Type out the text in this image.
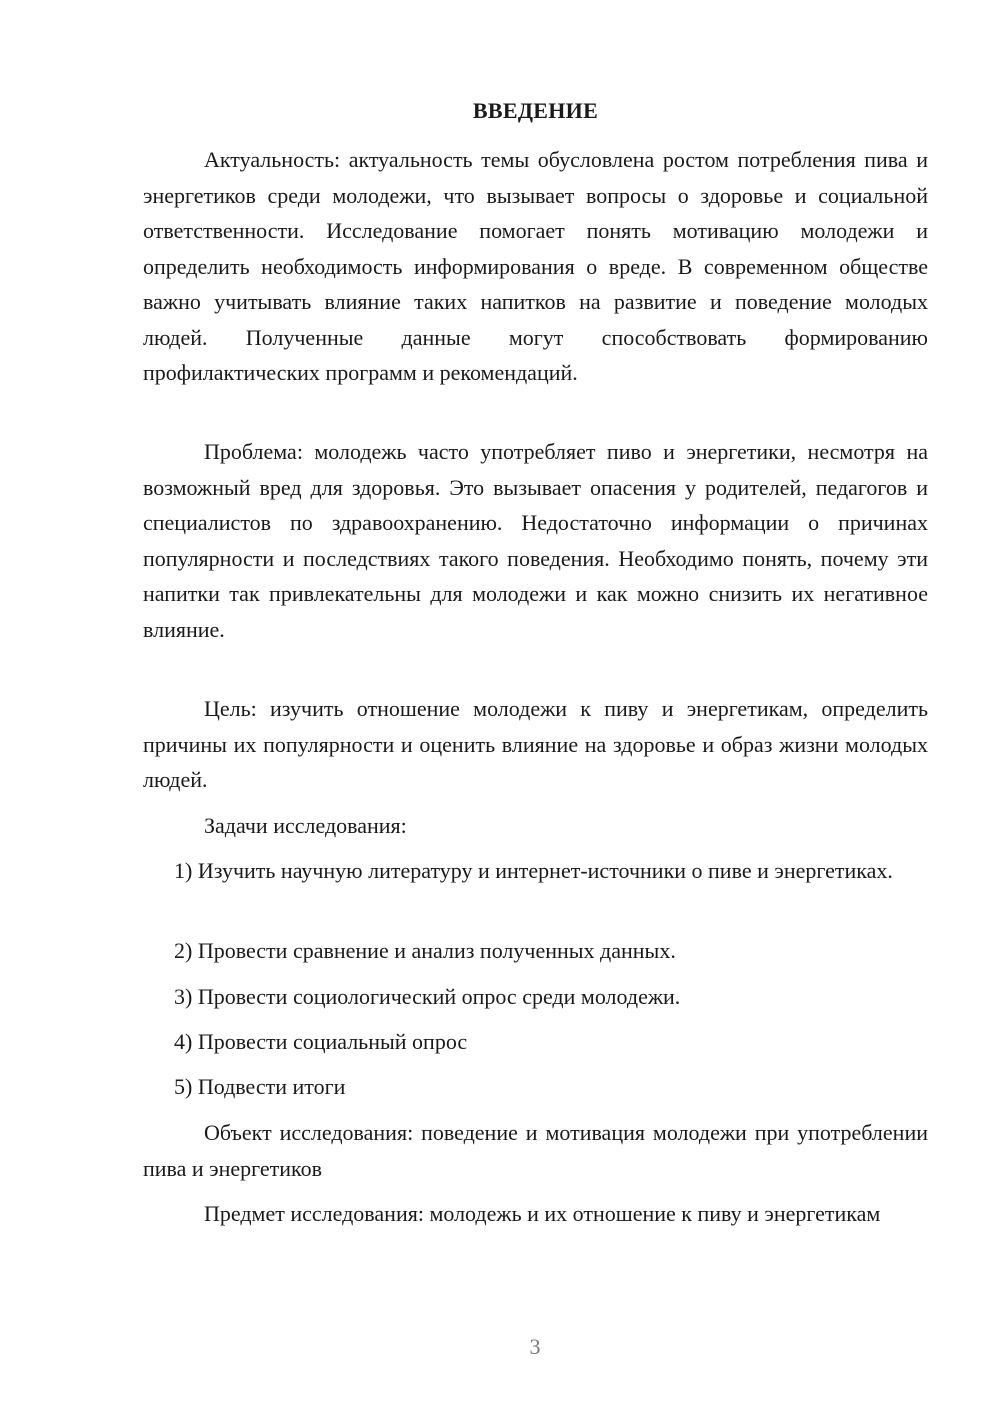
ВВЕДЕНИЕ

Актуальность: актуальность темы обусловлена ростом потребления пива и энергетиков среди молодежи, что вызывает вопросы о здоровье и социальной ответственности. Исследование помогает понять мотивацию молодежи и определить необходимость информирования о вреде. В современном обществе важно учитывать влияние таких напитков на развитие и поведение молодых людей. Полученные данные могут способствовать формированию профилактических программ и рекомендаций.

Проблема: молодежь часто употребляет пиво и энергетики, несмотря на возможный вред для здоровья. Это вызывает опасения у родителей, педагогов и специалистов по здравоохранению. Недостаточно информации о причинах популярности и последствиях такого поведения. Необходимо понять, почему эти напитки так привлекательны для молодежи и как можно снизить их негативное влияние.

Цель: изучить отношение молодежи к пиву и энергетикам, определить причины их популярности и оценить влияние на здоровье и образ жизни молодых людей.

Задачи исследования:

1) Изучить научную литературу и интернет-источники о пиве и энергетиках.

2) Провести сравнение и анализ полученных данных.

3) Провести социологический опрос среди молодежи.

4) Провести социальный опрос

5) Подвести итоги

Объект исследования: поведение и мотивация молодежи при употреблении пива и энергетиков

Предмет исследования: молодежь и их отношение к пиву и энергетикам

3
